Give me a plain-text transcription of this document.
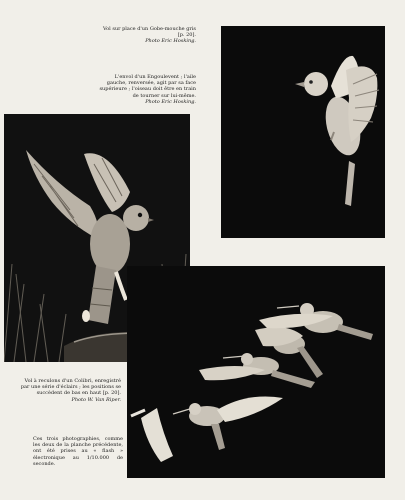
Vol sur place d'un Gobe-mouche gris [p. 20].
Photo Eric Hosking.
L'envol d'un Engoulevent ; l'aile gauche, renversée, agit par sa face supérieure ; l'oiseau doit être en train de tourner sur lui-même.
Photo Eric Hosking.
Vol à reculons d'un Colibri, enregistré par une série d'éclairs ; les positions se succèdent de bas en haut [p. 20].
Photo W. Van Riper.
Ces trois photographies, comme les deux de la planche précédente, ont été prises au « flash » électronique au 1/10.000 de seconde.
